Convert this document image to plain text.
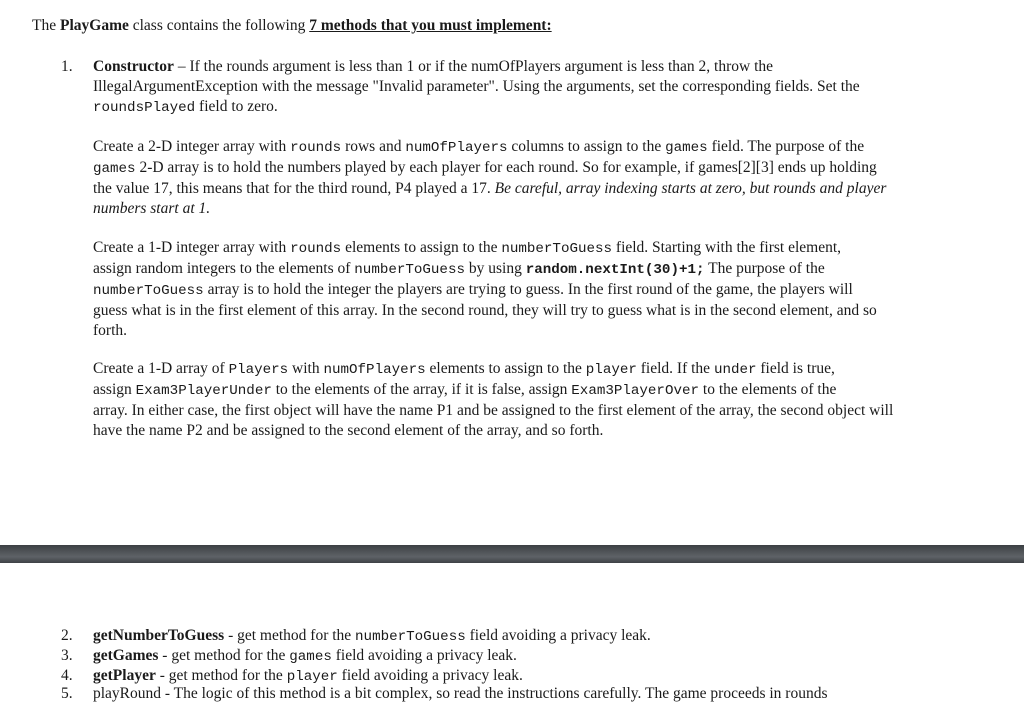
The PlayGame class contains the following 7 methods that you must implement:
1.	Constructor – If the rounds argument is less than 1 or if the numOfPlayers argument is less than 2, throw the
IllegalArgumentException with the message "Invalid parameter". Using the arguments, set the corresponding fields. Set the
roundsPlayed field to zero.
Create a 2-D integer array with rounds rows and numOfPlayers columns to assign to the games field. The purpose of the
games 2-D array is to hold the numbers played by each player for each round. So for example, if games[2][3] ends up holding
the value 17, this means that for the third round, P4 played a 17. Be careful, array indexing starts at zero, but rounds and player
numbers start at 1.
Create a 1-D integer array with rounds elements to assign to the numberToGuess field. Starting with the first element,
assign random integers to the elements of numberToGuess by using random.nextInt(30)+1; The purpose of the
numberToGuess array is to hold the integer the players are trying to guess. In the first round of the game, the players will
guess what is in the first element of this array. In the second round, they will try to guess what is in the second element, and so
forth.
Create a 1-D array of Players with numOfPlayers elements to assign to the player field. If the under field is true,
assign Exam3PlayerUnder to the elements of the array, if it is false, assign Exam3PlayerOver to the elements of the
array. In either case, the first object will have the name P1 and be assigned to the first element of the array, the second object will
have the name P2 and be assigned to the second element of the array, and so forth.
2.	getNumberToGuess - get method for the numberToGuess field avoiding a privacy leak.
3.	getGames - get method for the games field avoiding a privacy leak.
4.	getPlayer - get method for the player field avoiding a privacy leak.
5. playRound - The logic of this method is a bit complex, so read the instructions carefully. The game proceeds in rounds
